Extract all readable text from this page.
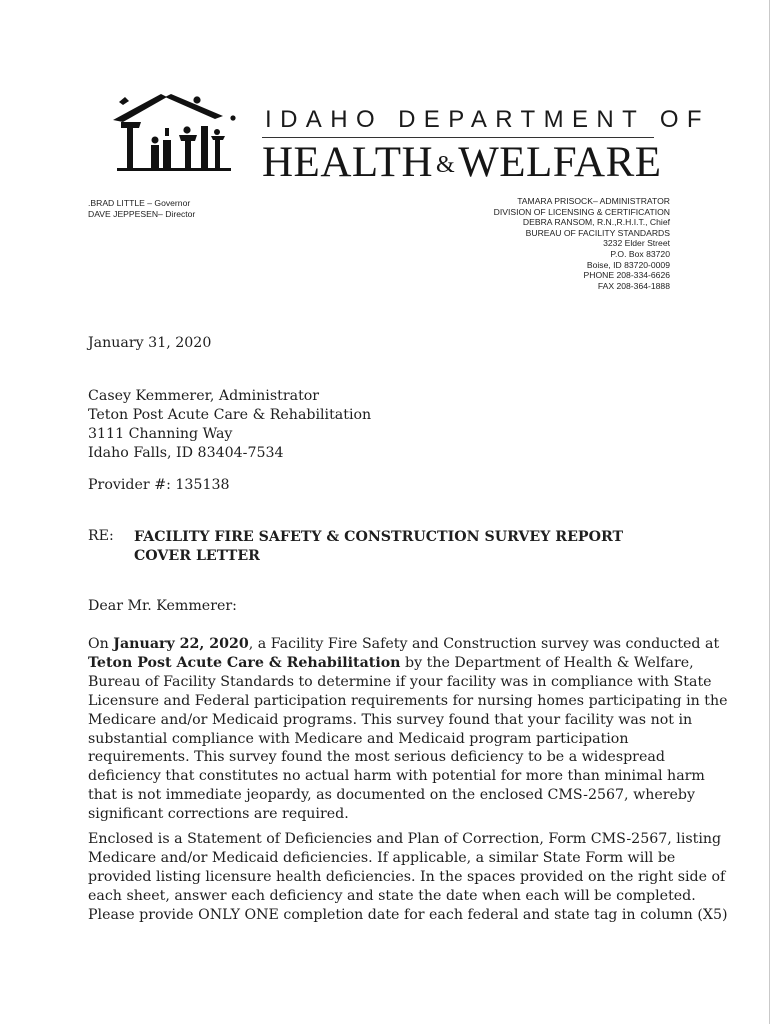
IDAHO DEPARTMENT OF
HEALTH &WELFARE
.BRAD LITTLE – Governor
DAVE JEPPESEN– Director
TAMARA PRISOCK– ADMINISTRATOR
DIVISION OF LICENSING & CERTIFICATION
DEBRA RANSOM, R.N.,R.H.I.T., Chief
BUREAU OF FACILITY STANDARDS
3232 Elder Street
P.O. Box 83720
Boise, ID 83720-0009
PHONE 208-334-6626
FAX 208-364-1888
January 31, 2020
Casey Kemmerer, Administrator
Teton Post Acute Care & Rehabilitation
3111 Channing Way
Idaho Falls, ID 83404-7534
Provider #: 135138
RE: FACILITY FIRE SAFETY & CONSTRUCTION SURVEY REPORT
COVER LETTER
Dear Mr. Kemmerer:
On January 22, 2020, a Facility Fire Safety and Construction survey was conducted at
Teton Post Acute Care & Rehabilitation by the Department of Health & Welfare,
Bureau of Facility Standards to determine if your facility was in compliance with State
Licensure and Federal participation requirements for nursing homes participating in the
Medicare and/or Medicaid programs. This survey found that your facility was not in
substantial compliance with Medicare and Medicaid program participation
requirements. This survey found the most serious deficiency to be a widespread
deficiency that constitutes no actual harm with potential for more than minimal harm
that is not immediate jeopardy, as documented on the enclosed CMS-2567, whereby
significant corrections are required.
Enclosed is a Statement of Deficiencies and Plan of Correction, Form CMS-2567, listing
Medicare and/or Medicaid deficiencies. If applicable, a similar State Form will be
provided listing licensure health deficiencies. In the spaces provided on the right side of
each sheet, answer each deficiency and state the date when each will be completed.
Please provide ONLY ONE completion date for each federal and state tag in column (X5)
